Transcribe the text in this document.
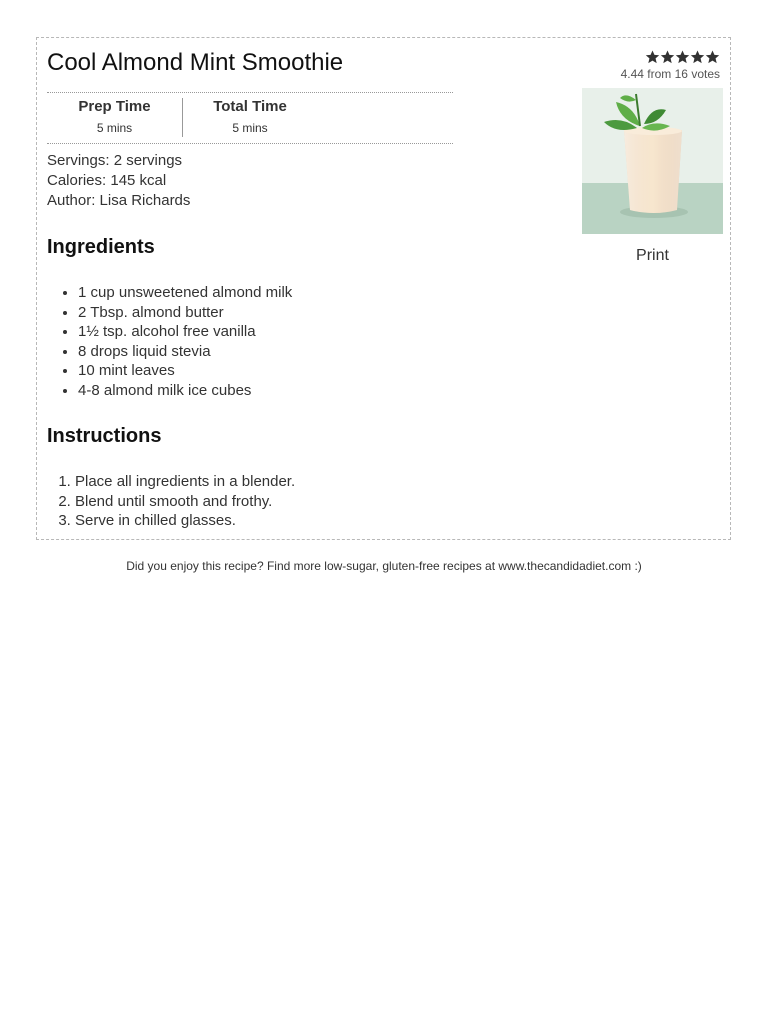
Cool Almond Mint Smoothie	4.44 from 16 votes
Print
Prep Time
5 mins
Total Time
5 mins
Servings: 2 servings
Calories: 145 kcal
Author: Lisa Richards
Ingredients
• 1 cup unsweetened almond milk
• 2 Tbsp. almond butter
• 1½ tsp. alcohol free vanilla
• 8 drops liquid stevia
• 10 mint leaves
• 4-8 almond milk ice cubes
Instructions
1. Place all ingredients in a blender.
2. Blend until smooth and frothy.
3. Serve in chilled glasses.
Did you enjoy this recipe? Find more low-sugar, gluten-free recipes at www.thecandidadiet.com :)
